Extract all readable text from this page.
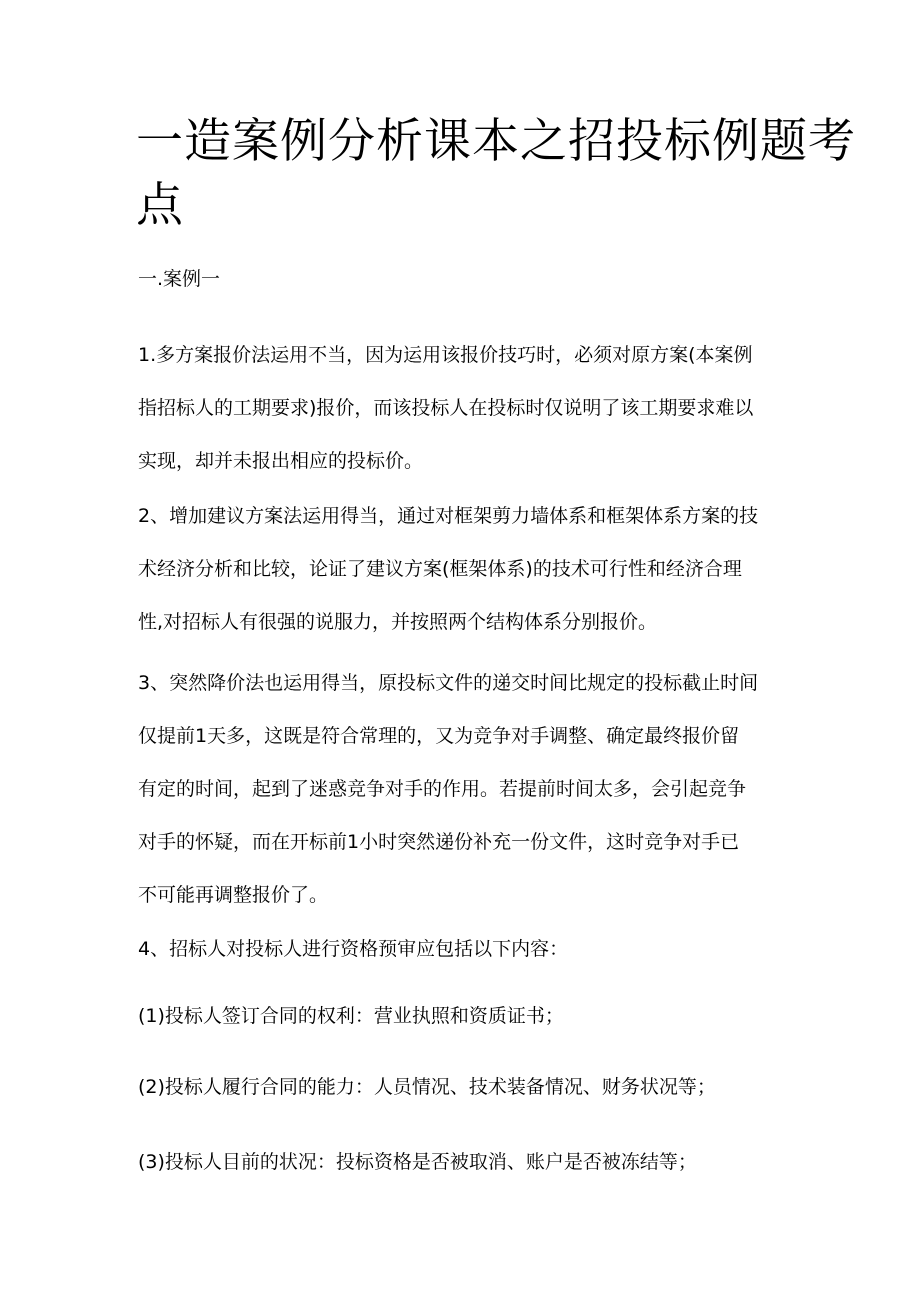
一造案例分析课本之招投标例题考
点

一.案例一

1.多方案报价法运用不当，因为运用该报价技巧时，必须对原方案(本案例
指招标人的工期要求)报价，而该投标人在投标时仅说明了该工期要求难以
实现，却并未报出相应的投标价。

2、增加建议方案法运用得当，通过对框架剪力墙体系和框架体系方案的技
术经济分析和比较，论证了建议方案(框架体系)的技术可行性和经济合理
性,对招标人有很强的说服力，并按照两个结构体系分别报价。

3、突然降价法也运用得当，原投标文件的递交时间比规定的投标截止时间
仅提前1天多，这既是符合常理的，又为竞争对手调整、确定最终报价留
有定的时间，起到了迷惑竞争对手的作用。若提前时间太多，会引起竞争
对手的怀疑，而在开标前1小时突然递份补充一份文件，这时竞争对手已
不可能再调整报价了。

4、招标人对投标人进行资格预审应包括以下内容：

(1)投标人签订合同的权利：营业执照和资质证书；

(2)投标人履行合同的能力：人员情况、技术装备情况、财务状况等；

(3)投标人目前的状况：投标资格是否被取消、账户是否被冻结等；
